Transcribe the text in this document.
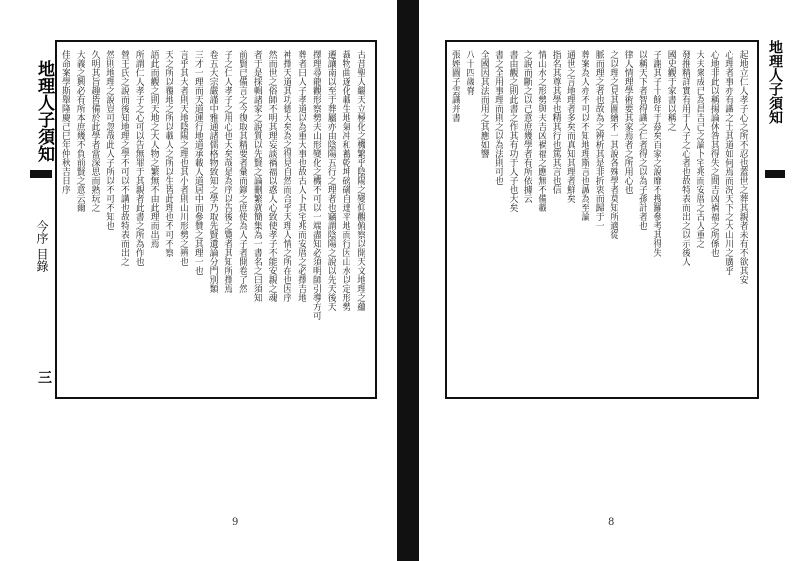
地理人子須知
今序 目錄
三
古昔聖人繼天立極化之機繁乎陰陽之變仰觀俯察以開天文地理之蘊
裁物曲遂化載生地氣冲和蓄乾坤磅礴自達平地而行因山水以定形勢
遷讓南以至于葬屬亦由陰陽五行之理者也竊謂陰陽之說以先天後天
擇理尋龍觀形察勢夫山形變化之機不可以一端盡知必須明師引導方可
葬者曰人子孝道以為重大事也故古人卜其宅兆而安厝之必擇吉地
神擇天道其功德大矣為之得見自然而合乎天理人情之所在也因序
然而世之俗師不明其理妄談禍福以惑人心致使孝子不能安親之魂
者于是採輯諸家之說質以先賢之論刪繁就簡集為一書名之曰須知
前賢已備言之今復取其精要者彙而錄之庶使為人子者開卷了然
子之仁人孝子之用心也大矣哉是為序以告後之覽者其知所擇焉
卷五大宗嚴謹中雅通諸儒格物致知之學乃取先賢遺論分門別類
三才一理而天道運行地道承載人道居中而參贊之其理一也
言乎其大者則天地陰陽之理也其小者則山川形勢之辨也
天之所以覆地之所以載人之所以生皆此理也不可不察
語此而觀之則天地之大人物之繁無不由此理而出焉
所謂仁人孝子之心可以告無罪于其親者此書之所為作也
營王氏之說而後知地理之學不可以不講也故特表而出之
然則地理之說豈可忽哉此人子所以不可不知也
久明其旨趣皆備於此學者當深思而熟玩之
大義之興必有所本庶幾不負前賢之意云爾
佳命案學斯舉隆慶己巳年仲秋吉日序
9
起地立仁人孝子心之所不忍也蓋世之葬其親者未有不欲其安
心理者事亦有識之士其道如何焉而況天下之大山川之廣乎
心地非此以稱揚論休咎其得失之間吉凶禍福之所係也
大夫衆成已為昌吉己之論卜宅兆而安厝之古人重之
發推精詳實有用于人子之心者也故特表而出之以示後人
國史觀于家書以稱之
子謝其子十餘年于茲矣百家之說靡不搜羅參考其得失
以稱天下者智得識之仁者得之以為子孫計者也
律人情理學術要其家焉者之所用心也
之以理之見其圖繪不一其說各殊學者莫知所適從
脈而理之者也故為之辨析其是非折衷而歸于一
葬案為人亦不可以不知地理斯言也誠為至論
通世之言地理者多矣而真知其理者鮮矣
指名其尊其學也精其行也篤其言也信
情山水之形勢與夫吉凶禍福之應無不備載
之說而斷之以己意庶幾學者有所依據云
書由觀之則此書之作其有功于人子也大矣
書之全用事理而則之以為法則可也
全國因其法而用之其應如響
八十四歲脊
張姪圖子雲識并書
8
地理人子須知
